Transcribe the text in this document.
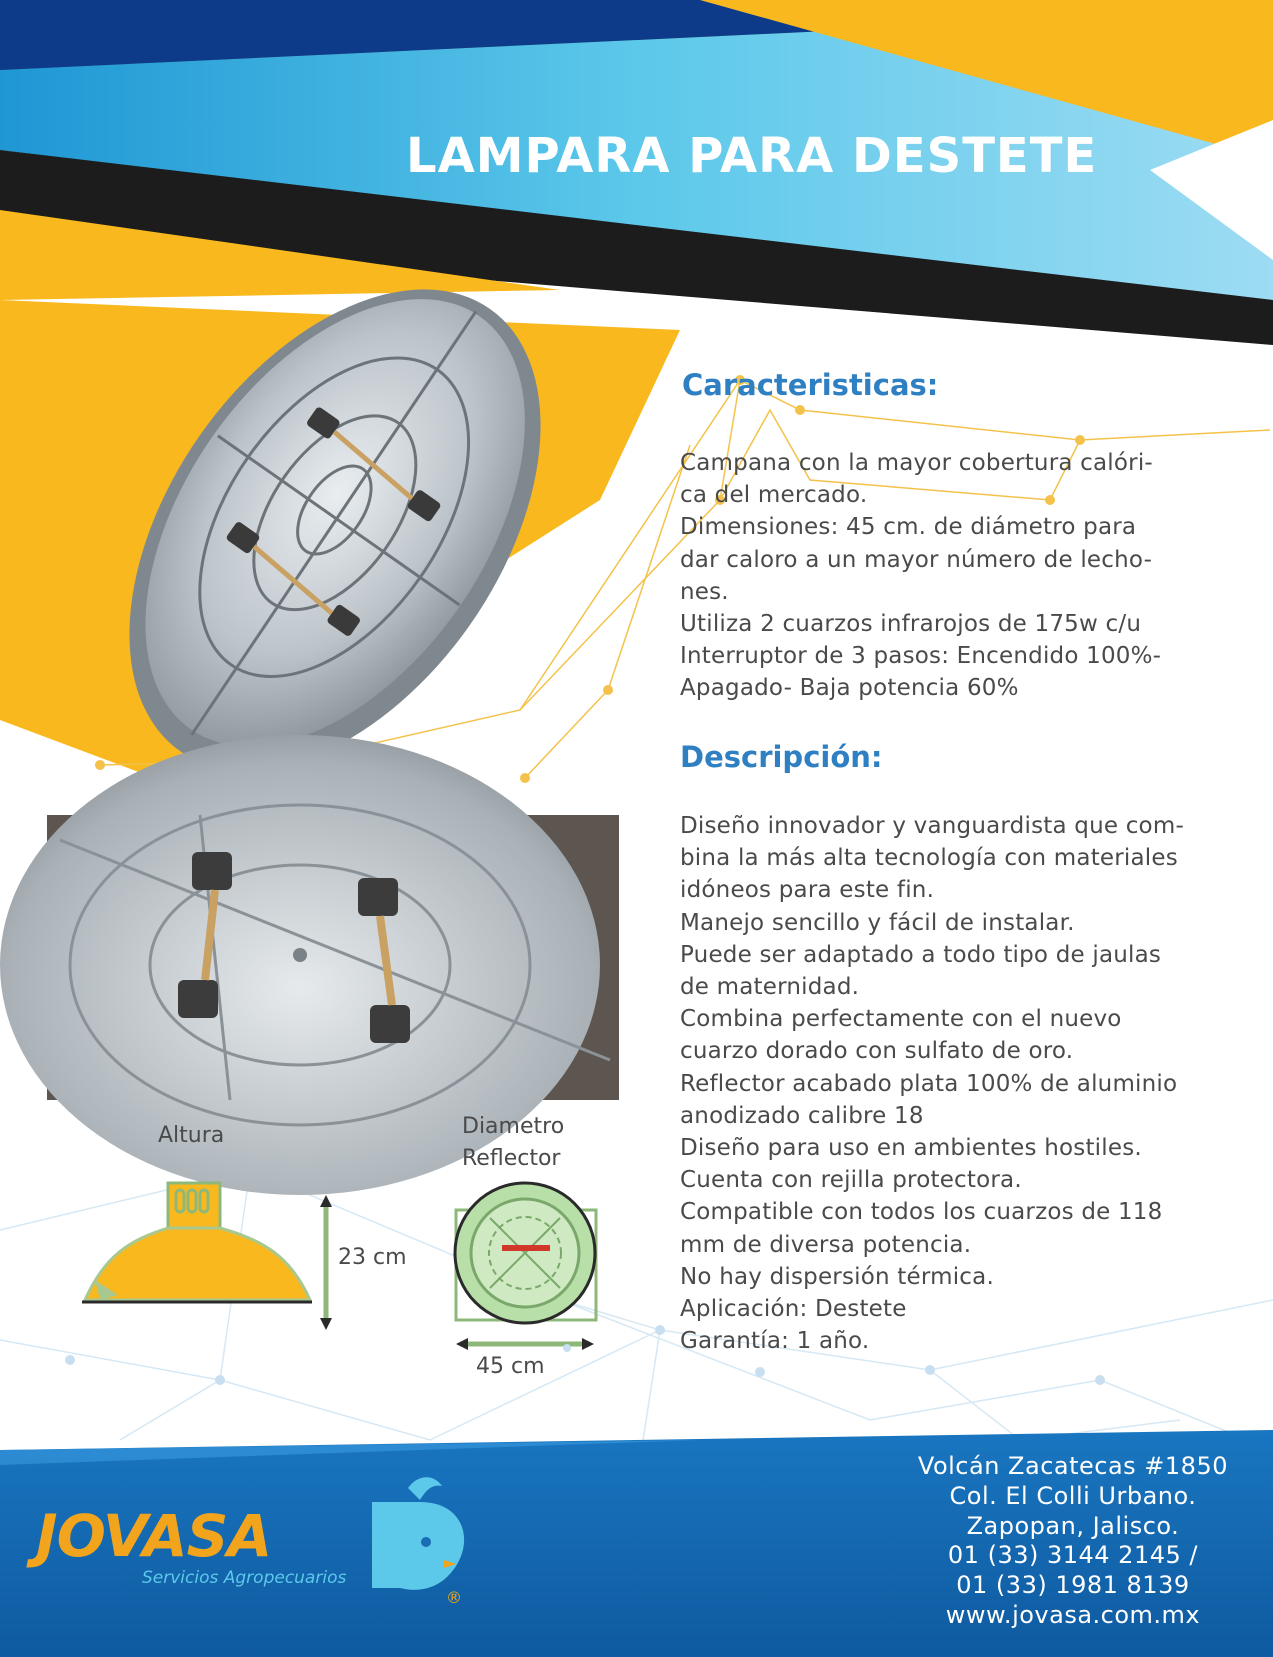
LAMPARA PARA DESTETE
Caracteristicas:
Campana con la mayor cobertura calóri-
ca del mercado.
Dimensiones: 45 cm. de diámetro para
dar caloro a un mayor número de lecho-
nes.
Utiliza 2 cuarzos infrarojos de 175w c/u
Interruptor de 3 pasos: Encendido 100%-
Apagado- Baja potencia 60%
Descripción:
Diseño innovador y vanguardista que com-
bina la más alta tecnología con materiales
idóneos para este fin.
Manejo sencillo y fácil de instalar.
Puede ser adaptado a todo tipo de jaulas
de maternidad.
Combina perfectamente con el nuevo
cuarzo dorado con sulfato de oro.
Reflector acabado plata 100% de aluminio
anodizado calibre 18
Diseño para uso en ambientes hostiles.
Cuenta con rejilla protectora.
Compatible con todos los cuarzos de 118
mm de diversa potencia.
No hay dispersión térmica.
Aplicación: Destete
Garantía: 1 año.
Altura
23 cm
Diametro
Reflector
45 cm
JOVASA
Servicios Agropecuarios
®
Volcán Zacatecas #1850
Col. El Colli Urbano.
Zapopan, Jalisco.
01 (33) 3144 2145 /
01 (33) 1981 8139
www.jovasa.com.mx
